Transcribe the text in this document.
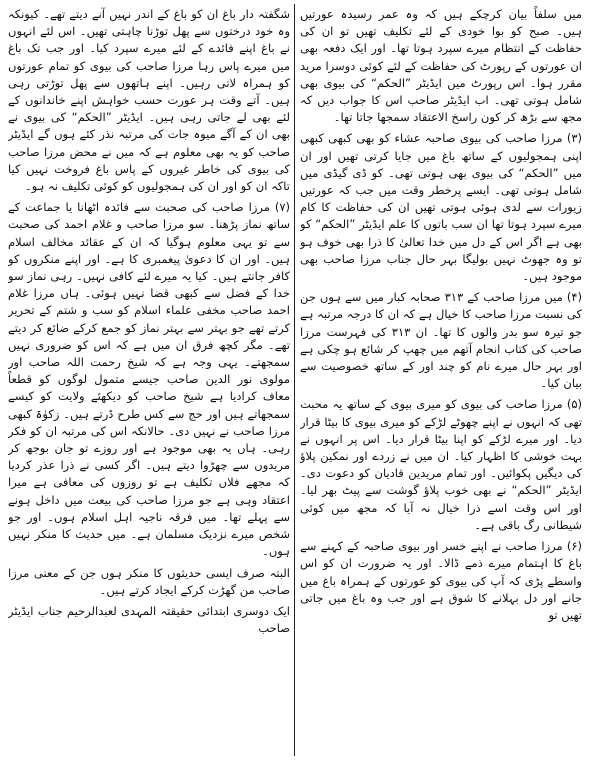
میں سلفاً بیان کرچکے ہیں کہ وہ عمر رسیدہ عورتیں ہیں۔ صبح کو بوا خودی کے لئے تکلیف تھیں تو ان کی حفاظت کے انتظام میرے سپرد ہوتا تھا۔ اور ایک دفعہ بھی ان عورتوں کے رپورٹ کی حفاظت کے لئے کوئی دوسرا مرید مقرر ہوا۔ اس رپورٹ میں ایڈیٹر ”الحکم“ کی بیوی بھی شامل ہوتی تھی۔ اب ایڈیٹر صاحب اس کا جواب دیں کہ مجھ سے بڑھ کر کون راسخ الاعتقاد سمجھا جاتا تھا۔

(۳) مرزا صاحب کی بیوی صاحبہ عشاء کو بھی کبھی کبھی اپنی ہمجولیوں کے ساتھ باغ میں جایا کرتی تھیں اور ان میں ”الحکم“ کی بیوی بھی ہوتی تھی۔ کو ڈی گیڈی میں شامل ہوتی تھی۔ ایسے پرخطر وقت میں جب کہ عورتیں زیورات سے لدی ہوئی ہوتی تھیں ان کی حفاظت کا کام میرے سپرد ہوتا تھا ان سب باتوں کا علم ایڈیٹر ”الحکم“ کو بھی ہے اگر اس کے دل میں خدا تعالیٰ کا ذرا بھی خوف ہو تو وہ جھوٹ نہیں بولیگا بہر حال جناب مرزا صاحب بھی موجود ہیں۔

(۴) میں مرزا صاحب کے ۳۱۳ صحابہ کبار میں سے ہوں جن کی نسبت مرزا صاحب کا خیال ہے کہ ان کا درجہ مرتبہ ہے جو تیرہ سو بدر والوں کا تھا۔ ان ۳۱۳ کی فہرست مرزا صاحب کی کتاب انجام آتھم میں چھپ کر شائع ہو چکی ہے اور بہر حال میرے نام کو چند اور کے ساتھ خصوصیت سے بیان کیا۔

(۵) مرزا صاحب کی بیوی کو میری بیوی کے ساتھ یہ محبت تھی کہ انہوں نے اپنے چھوٹے لڑکے کو میری بیوی کا بیٹا قرار دیا۔ اور میرے لڑکے کو اپنا بیٹا قرار دیا۔ اس پر انہوں نے بہت خوشی کا اظہار کیا۔ ان میں نے زردے اور نمکین پلاؤ کی دیگیں پکوائیں۔ اور تمام مریدین قادیان کو دعوت دی۔ ایڈیٹر ”الحکم“ نے بھی خوب پلاؤ گوشت سے پیٹ بھر لیا۔ اور اس وقت اسے ذرا خیال نہ آیا کہ مجھ میں کوئی شیطانی رگ باقی ہے۔

(۶) مرزا صاحب نے اپنے خسر اور بیوی صاحبہ کے کہنے سے باغ کا اہتمام میرے ذمے ڈالا۔ اور یہ ضرورت ان کو اس واسطے پڑی کہ آپ کی بیوی کو عورتوں کے ہمراہ باغ میں جانے اور دل بہلانے کا شوق ہے اور جب وہ باغ میں جاتی تھیں تو

شگفتہ دار باغ ان کو باغ کے اندر نہیں آنے دیتے تھے۔ کیونکہ وہ خود درختوں سے پھل توڑنا چاہتی تھیں۔ اس لئے انہوں نے باغ اپنے فائدے کے لئے میرے سپرد کیا۔ اور جب تک باغ میں میرے پاس رہا مرزا صاحب کی بیوی کو تمام عورتوں کو ہمراہ لاتی رہیں۔ اپنے ہاتھوں سے پھل توڑتی رہی ہیں۔ آتے وقت ہر عورت حسب خواہش اپنے خاندانوں کے لئے بھی لے جاتی رہی ہیں۔ ایڈیٹر ”الحکم“ کی بیوی نے بھی ان کے آگے میوہ جات کی مرتبہ نذر کئے ہوں گے ایڈیٹر صاحب کو یہ بھی معلوم ہے کہ میں نے محض مرزا صاحب کی بیوی کی خاطر غیروں کے پاس باغ فروخت نہیں کیا تاکہ ان کو اور ان کی ہمجولیوں کو کوئی تکلیف نہ ہو۔

(۷) مرزا صاحب کی صحبت سے فائدہ اٹھانا یا جماعت کے ساتھ نماز پڑھنا۔ سو مرزا صاحب و غلام احمد کی صحبت سے تو یہی معلوم ہوگیا کہ ان کے عقائد مخالف اسلام ہیں۔ اور ان کا دعویٰ پیغمبری کا ہے۔ اور اپنے منکروں کو کافر جانتے ہیں۔ کیا یہ میرے لئے کافی نہیں۔ رہی نماز سو خدا کے فضل سے کبھی قضا نہیں ہوئی۔ ہاں مرزا غلام احمد صاحب مخفی علماء اسلام کو سب و شتم کے تحریر کرتے تھے جو بہتر سے بہتر نماز کو جمع کرکے ضائع کر دیتے تھے۔ مگر کچھ فرق ان میں ہے کہ اس کو ضروری نہیں سمجھتے۔ یہی وجہ ہے کہ شیخ رحمت اللہ صاحب اور مولوی نور الدین صاحب جیسے متمول لوگوں کو قطعاً معاف کرادیا ہے شیخ صاحب کو دیکھئے ولایت کو کیسے سمجھاتے ہیں اور حج سے کس طرح ڈرتے ہیں۔ زکوٰۃ کبھی مرزا صاحب نے نہیں دی۔ حالانکہ اس کی مرتبہ ان کو فکر رہی۔ ہاں یہ بھی موجود ہے اور روزے تو جان بوجھ کر مریدوں سے چھڑوا دیتے ہیں۔ اگر کسی نے ذرا عذر کردیا کہ مجھے فلاں تکلیف ہے تو روزوں کی معافی ہے میرا اعتقاد وہی ہے جو مرزا صاحب کی بیعت میں داخل ہونے سے پہلے تھا۔ میں فرقہ ناجیہ اہل اسلام ہوں۔ اور جو شخص میرے نزدیک مسلمان ہے۔ میں حدیث کا منکر نہیں ہوں۔

البتہ صرف ایسی حدیثوں کا منکر ہوں جن کے معنی مرزا صاحب من گھڑت کرکے ایجاد کرتے ہیں۔

ایک دوسری ابتدائی حقیقتہ المہدی لعبدالرحیم جناب ایڈیٹر صاحب
